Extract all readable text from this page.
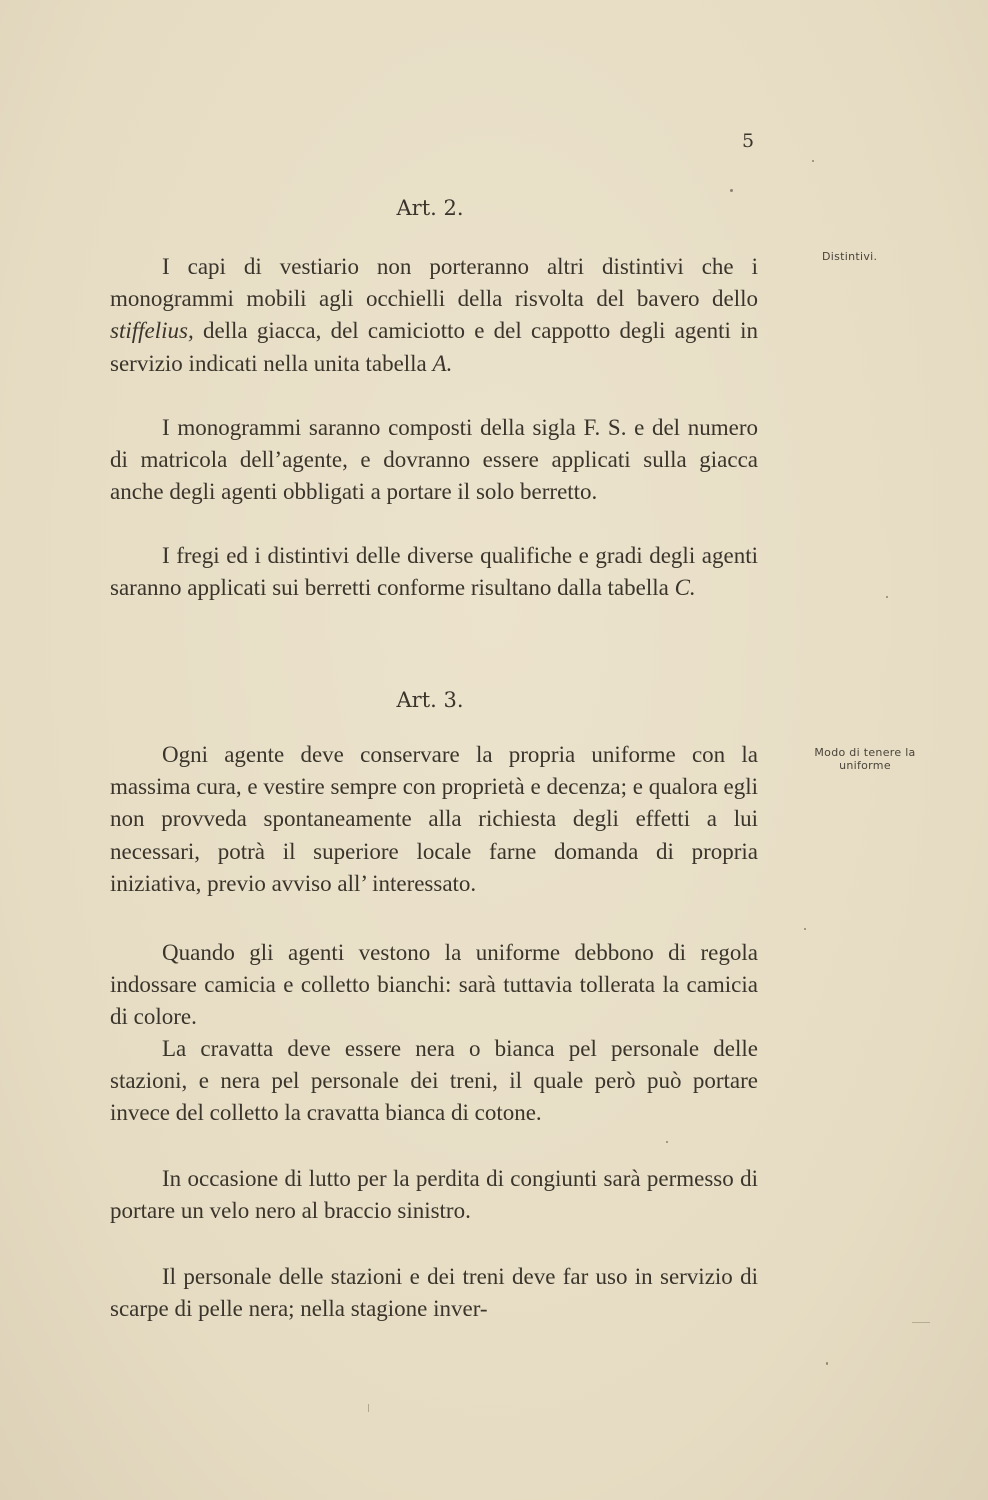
5
Art. 2.
Distintivi.

I capi di vestiario non porteranno altri distintivi che i monogrammi mobili agli occhielli della risvolta del bavero dello stiffelius, della giacca, del camiciotto e del cappotto degli agenti in servizio indicati nella unita tabella A.

I monogrammi saranno composti della sigla F. S. e del numero di matricola dell’agente, e dovranno essere applicati sulla giacca anche degli agenti obbligati a portare il solo berretto.

I fregi ed i distintivi delle diverse qualifiche e gradi degli agenti saranno applicati sui berretti conforme risultano dalla tabella C.

Art. 3.
Modo di tenere la uniforme

Ogni agente deve conservare la propria uniforme con la massima cura, e vestire sempre con proprietà e decenza; e qualora egli non provveda spontaneamente alla richiesta degli effetti a lui necessari, potrà il superiore locale farne domanda di propria iniziativa, previo avviso all’ interessato.

Quando gli agenti vestono la uniforme debbono di regola indossare camicia e colletto bianchi: sarà tuttavia tollerata la camicia di colore.

La cravatta deve essere nera o bianca pel personale delle stazioni, e nera pel personale dei treni, il quale però può portare invece del colletto la cravatta bianca di cotone.

In occasione di lutto per la perdita di congiunti sarà permesso di portare un velo nero al braccio sinistro.

Il personale delle stazioni e dei treni deve far uso in servizio di scarpe di pelle nera; nella stagione inver-
